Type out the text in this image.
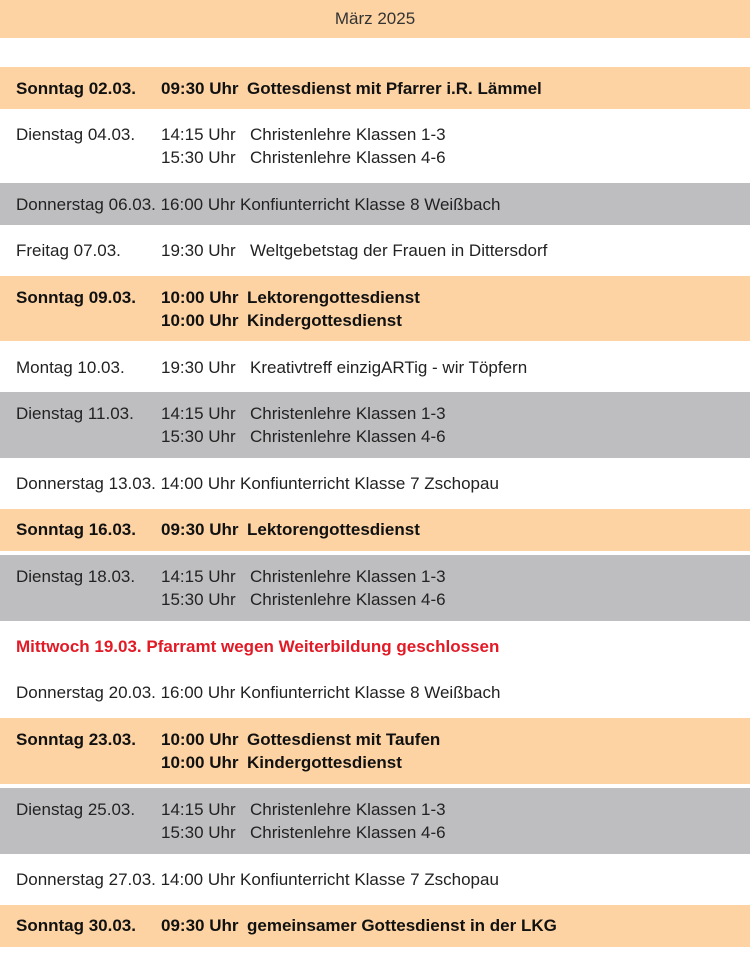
März 2025
Sonntag 02.03. 09:30 Uhr Gottesdienst mit Pfarrer i.R. Lämmel
Dienstag 04.03. 14:15 Uhr Christenlehre Klassen 1-3
15:30 Uhr Christenlehre Klassen 4-6
Donnerstag 06.03. 16:00 Uhr Konfiunterricht Klasse 8 Weißbach
Freitag 07.03. 19:30 Uhr Weltgebetstag der Frauen in Dittersdorf
Sonntag 09.03. 10:00 Uhr Lektorengottesdienst
10:00 Uhr Kindergottesdienst
Montag 10.03. 19:30 Uhr Kreativtreff einzigARTig - wir Töpfern
Dienstag 11.03. 14:15 Uhr Christenlehre Klassen 1-3
15:30 Uhr Christenlehre Klassen 4-6
Donnerstag 13.03. 14:00 Uhr Konfiunterricht Klasse 7 Zschopau
Sonntag 16.03. 09:30 Uhr Lektorengottesdienst
Dienstag 18.03. 14:15 Uhr Christenlehre Klassen 1-3
15:30 Uhr Christenlehre Klassen 4-6
Mittwoch 19.03. Pfarramt wegen Weiterbildung geschlossen
Donnerstag 20.03. 16:00 Uhr Konfiunterricht Klasse 8 Weißbach
Sonntag 23.03. 10:00 Uhr Gottesdienst mit Taufen
10:00 Uhr Kindergottesdienst
Dienstag 25.03. 14:15 Uhr Christenlehre Klassen 1-3
15:30 Uhr Christenlehre Klassen 4-6
Donnerstag 27.03. 14:00 Uhr Konfiunterricht Klasse 7 Zschopau
Sonntag 30.03. 09:30 Uhr gemeinsamer Gottesdienst in der LKG
